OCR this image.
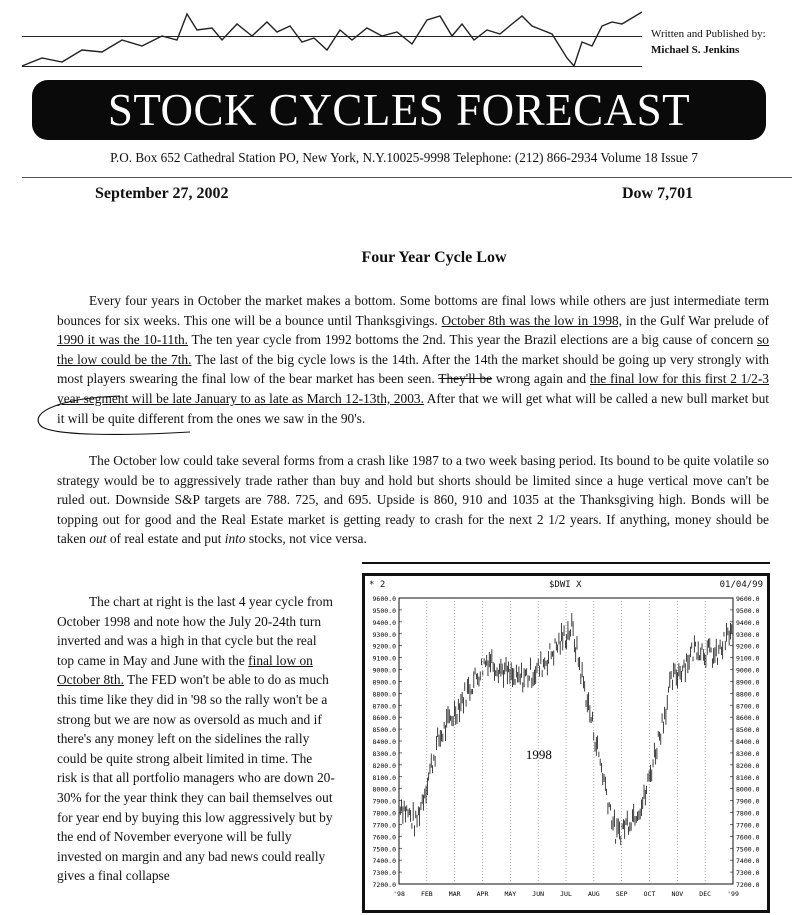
Written and Published by:
Michael S. Jenkins
STOCK CYCLES FORECAST
P.O. Box 652 Cathedral Station PO, New York, N.Y.10025-9998 Telephone: (212) 866-2934 Volume 18 Issue 7
September 27, 2002	Dow 7,701
Four Year Cycle Low

Every four years in October the market makes a bottom. Some bottoms are final lows while others are just intermediate term bounces for six weeks. This one will be a bounce until Thanksgivings. October 8th was the low in 1998, in the Gulf War prelude of 1990 it was the 10-11th. The ten year cycle from 1992 bottoms the 2nd. This year the Brazil elections are a big cause of concern so the low could be the 7th. The last of the big cycle lows is the 14th. After the 14th the market should be going up very strongly with most players swearing the final low of the bear market has been seen. They'll be wrong again and the final low for this first 2 1/2-3 year segment will be late January to as late as March 12-13th, 2003. After that we will get what will be called a new bull market but it will be quite different from the ones we saw in the 90's.

The October low could take several forms from a crash like 1987 to a two week basing period. Its bound to be quite volatile so strategy would be to aggressively trade rather than buy and hold but shorts should be limited since a huge vertical move can't be ruled out. Downside S&P targets are 788. 725, and 695. Upside is 860, 910 and 1035 at the Thanksgiving high. Bonds will be topping out for good and the Real Estate market is getting ready to crash for the next 2 1/2 years. If anything, money should be taken out of real estate and put into stocks, not vice versa.

The chart at right is the last 4 year cycle from October 1998 and note how the July 20-24th turn inverted and was a high in that cycle but the real top came in May and June with the final low on October 8th. The FED won't be able to do as much this time like they did in '98 so the rally won't be a strong but we are now as oversold as much and if there's any money left on the sidelines the rally could be quite strong albeit limited in time. The risk is that all portfolio managers who are down 20-30% for the year think they can bail themselves out for year end by buying this low aggressively but by the end of November everyone will be fully invested on margin and any bad news could really gives a final collapse

* 2	$DWI X	01/04/99
7200.0	7200.0
7300.0	7300.0
7400.0	7400.0
7500.0	7500.0
7600.0	7600.0
7700.0	7700.0
7800.0	7800.0
7900.0	7900.0
8000.0	8000.0
8100.0	8100.0
8200.0	8200.0
8300.0	8300.0
8400.0	8400.0
8500.0	8500.0
8600.0	8600.0
8700.0	8700.0
8800.0	8800.0
8900.0	8900.0
9000.0	9000.0
9100.0	9100.0
9200.0	9200.0
9300.0	9300.0
9400.0	9400.0
9500.0	9500.0
9600.0	9600.0
'98 FEB MAR APR MAY JUN JUL AUG SEP OCT NOV DEC '99
1998
